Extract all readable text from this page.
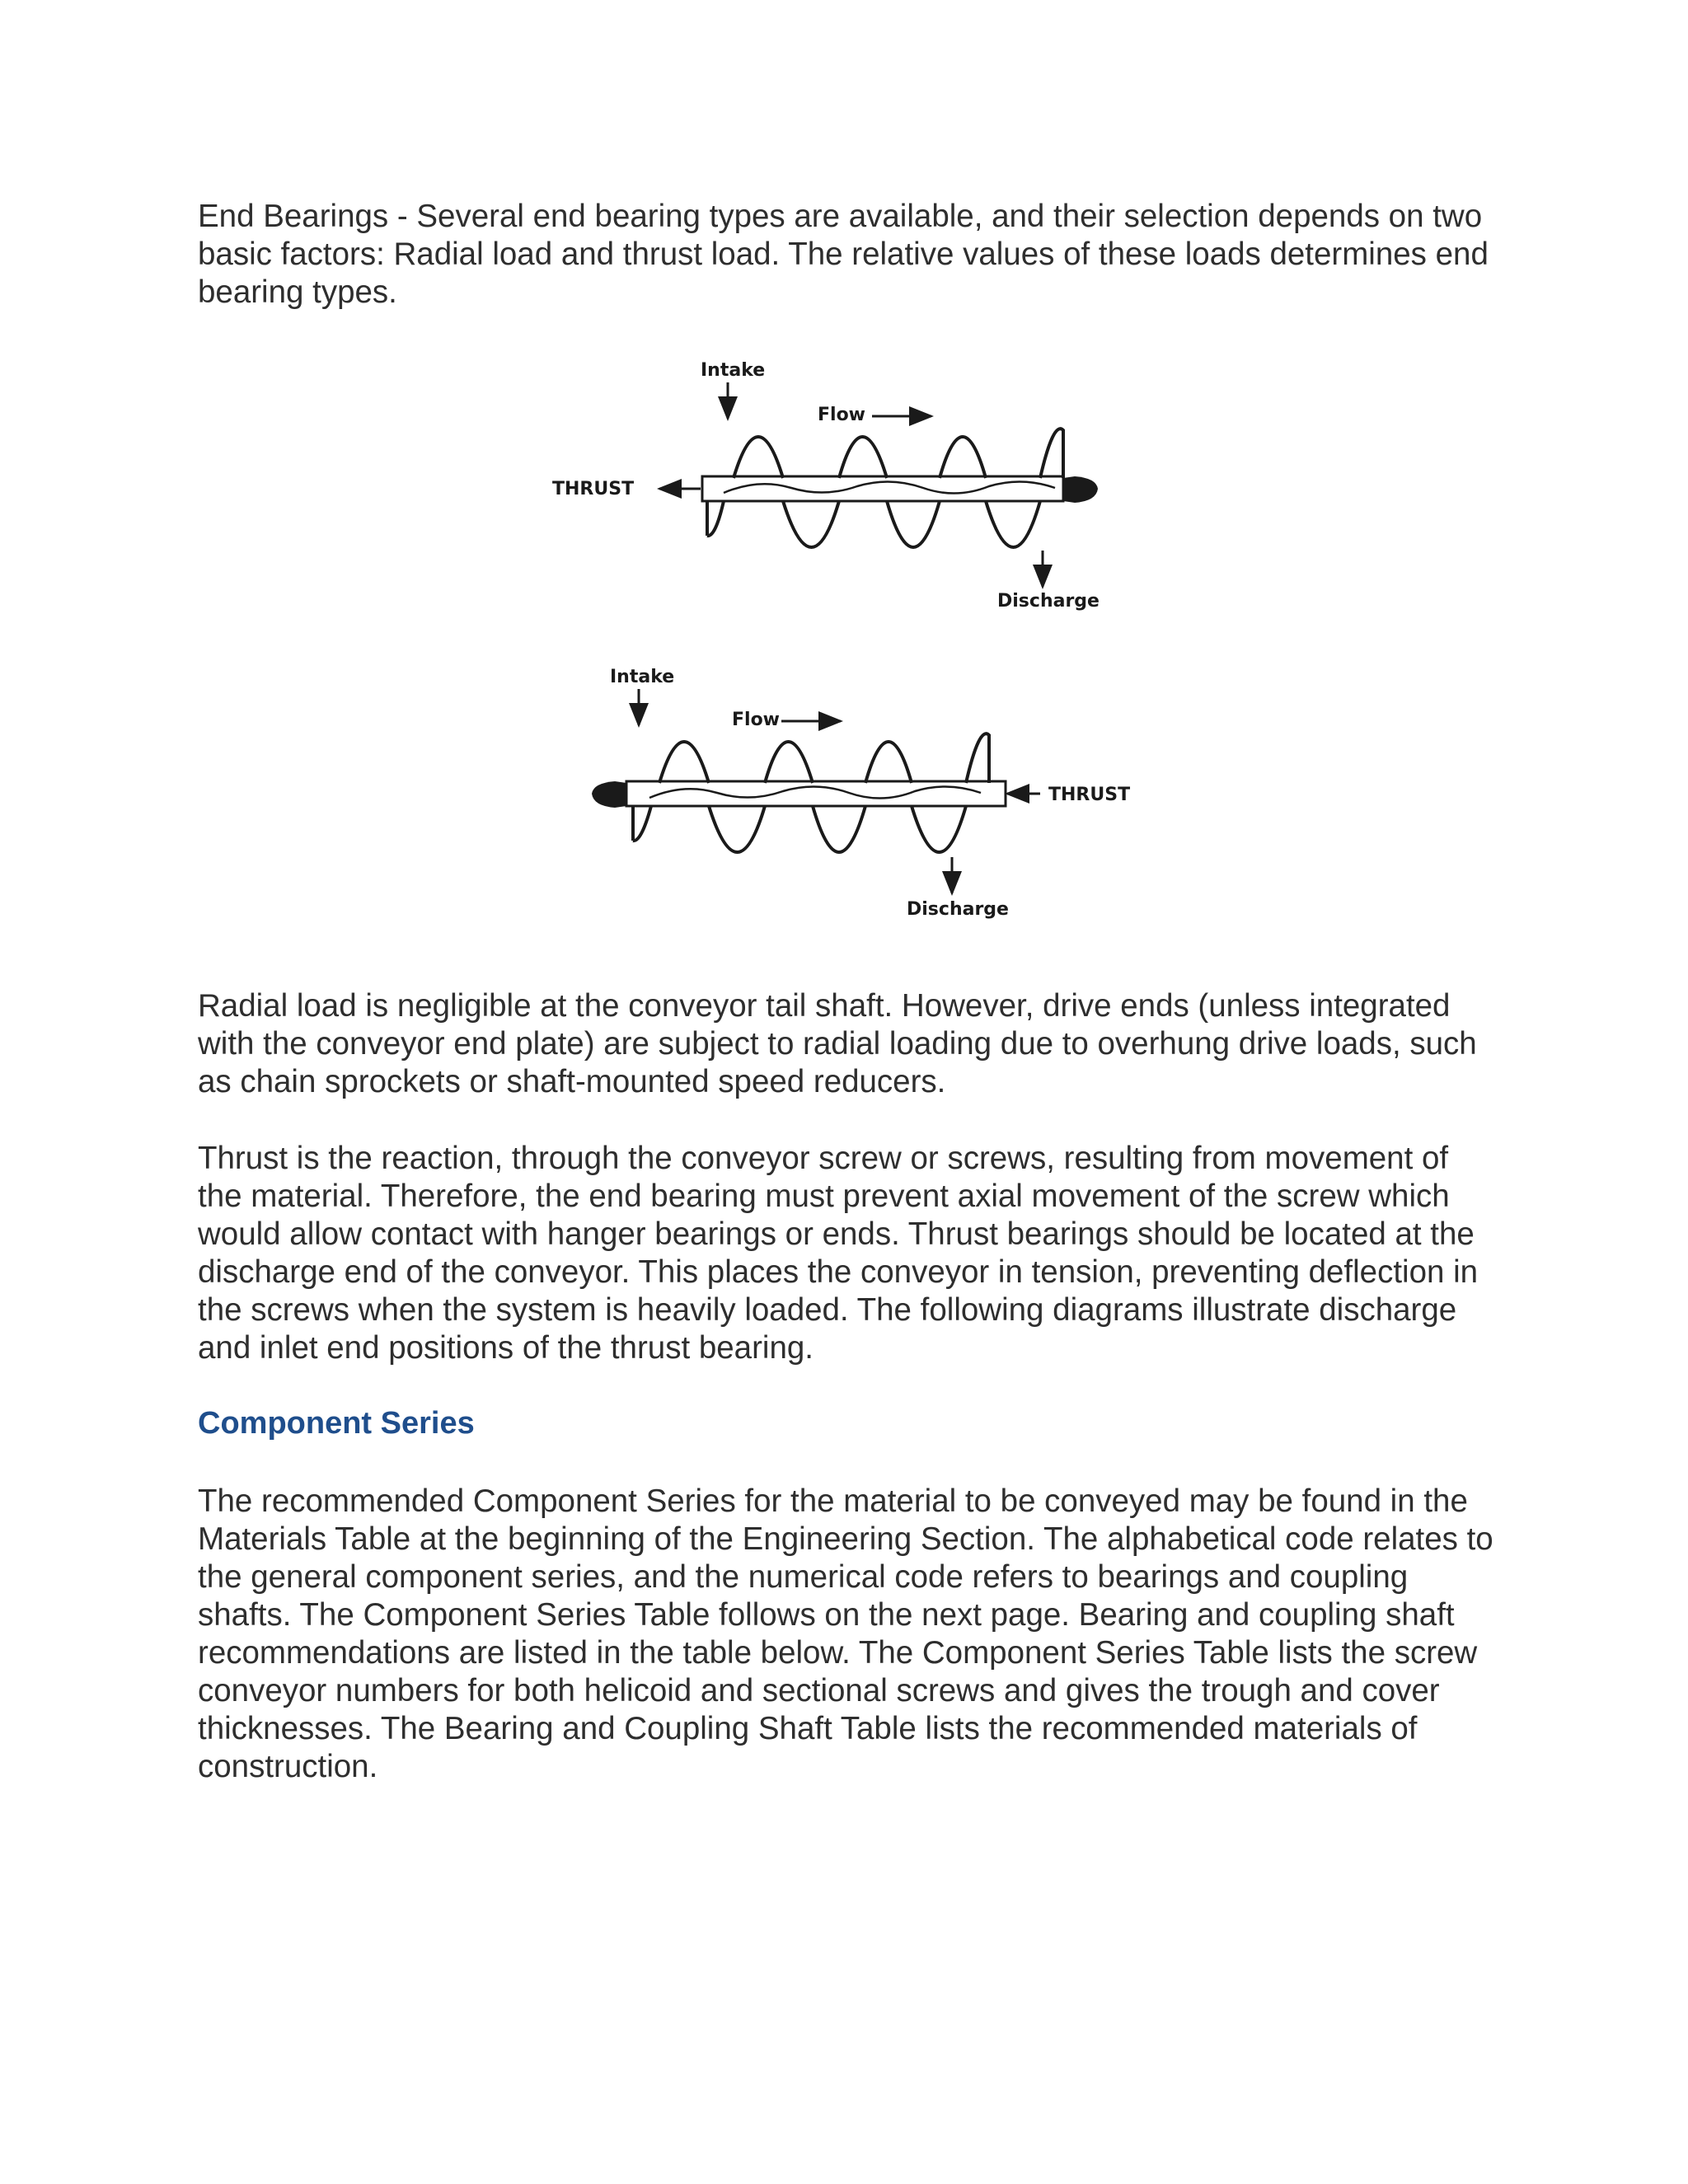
End Bearings - Several end bearing types are available, and their selection depends on two basic factors: Radial load and thrust load. The relative values of these loads determines end bearing types.

Intake
Flow
THRUST
Discharge
Intake
Flow
THRUST
Discharge

Radial load is negligible at the conveyor tail shaft. However, drive ends (unless integrated with the conveyor end plate) are subject to radial loading due to overhung drive loads, such as chain sprockets or shaft-mounted speed reducers.

Thrust is the reaction, through the conveyor screw or screws, resulting from movement of the material. Therefore, the end bearing must prevent axial movement of the screw which would allow contact with hanger bearings or ends. Thrust bearings should be located at the discharge end of the conveyor. This places the conveyor in tension, preventing deflection in the screws when the system is heavily loaded. The following diagrams illustrate discharge and inlet end positions of the thrust bearing.

Component Series

The recommended Component Series for the material to be conveyed may be found in the Materials Table at the beginning of the Engineering Section. The alphabetical code relates to the general component series, and the numerical code refers to bearings and coupling shafts. The Component Series Table follows on the next page. Bearing and coupling shaft recommendations are listed in the table below. The Component Series Table lists the screw conveyor numbers for both helicoid and sectional screws and gives the trough and cover thicknesses. The Bearing and Coupling Shaft Table lists the recommended materials of construction.
